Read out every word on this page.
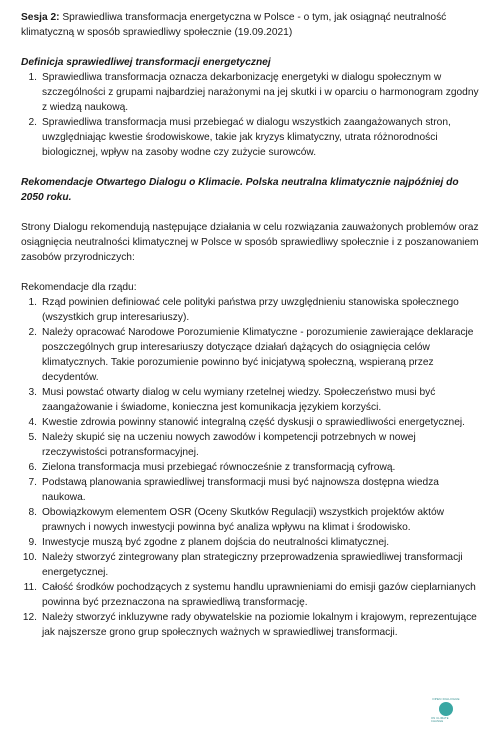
Sesja 2: Sprawiedliwa transformacja energetyczna w Polsce - o tym, jak osiągnąć neutralność klimatyczną w sposób sprawiedliwy społecznie (19.09.2021)

Definicja sprawiedliwej transformacji energetycznej

1. Sprawiedliwa transformacja oznacza dekarbonizację energetyki w dialogu społecznym w szczególności z grupami najbardziej narażonymi na jej skutki i w oparciu o harmonogram zgodny z wiedzą naukową.
2. Sprawiedliwa transformacja musi przebiegać w dialogu wszystkich zaangażowanych stron, uwzględniając kwestie środowiskowe, takie jak kryzys klimatyczny, utrata różnorodności biologicznej, wpływ na zasoby wodne czy zużycie surowców.

Rekomendacje Otwartego Dialogu o Klimacie. Polska neutralna klimatycznie najpóźniej do 2050 roku.

Strony Dialogu rekomendują następujące działania w celu rozwiązania zauważonych problemów oraz osiągnięcia neutralności klimatycznej w Polsce w sposób sprawiedliwy społecznie i z poszanowaniem zasobów przyrodniczych:

Rekomendacje dla rządu:

1. Rząd powinien definiować cele polityki państwa przy uwzględnieniu stanowiska społecznego (wszystkich grup interesariuszy).
2. Należy opracować Narodowe Porozumienie Klimatyczne - porozumienie zawierające deklaracje poszczególnych grup interesariuszy dotyczące działań dążących do osiągnięcia celów klimatycznych. Takie porozumienie powinno być inicjatywą społeczną, wspieraną przez decydentów.
3. Musi powstać otwarty dialog w celu wymiany rzetelnej wiedzy. Społeczeństwo musi być zaangażowanie i świadome, konieczna jest komunikacja językiem korzyści.
4. Kwestie zdrowia powinny stanowić integralną część dyskusji o sprawiedliwości energetycznej.
5. Należy skupić się na uczeniu nowych zawodów i kompetencji potrzebnych w nowej rzeczywistości potransformacyjnej.
6. Zielona transformacja musi przebiegać równocześnie z transformacją cyfrową.
7. Podstawą planowania sprawiedliwej transformacji musi być najnowsza dostępna wiedza naukowa.
8. Obowiązkowym elementem OSR (Oceny Skutków Regulacji) wszystkich projektów aktów prawnych i nowych inwestycji powinna być analiza wpływu na klimat i środowisko.
9. Inwestycje muszą być zgodne z planem dojścia do neutralności klimatycznej.
10. Należy stworzyć zintegrowany plan strategiczny przeprowadzenia sprawiedliwej transformacji energetycznej.
11. Całość środków pochodzących z systemu handlu uprawnieniami do emisji gazów cieplarnianych powinna być przeznaczona na sprawiedliwą transformację.
12. Należy stworzyć inkluzywne rady obywatelskie na poziomie lokalnym i krajowym, reprezentujące jak najszersze grono grup społecznych ważnych w sprawiedliwej transformacji.
OPEN DIALOGUE
ON CLIMATE CHANGE
